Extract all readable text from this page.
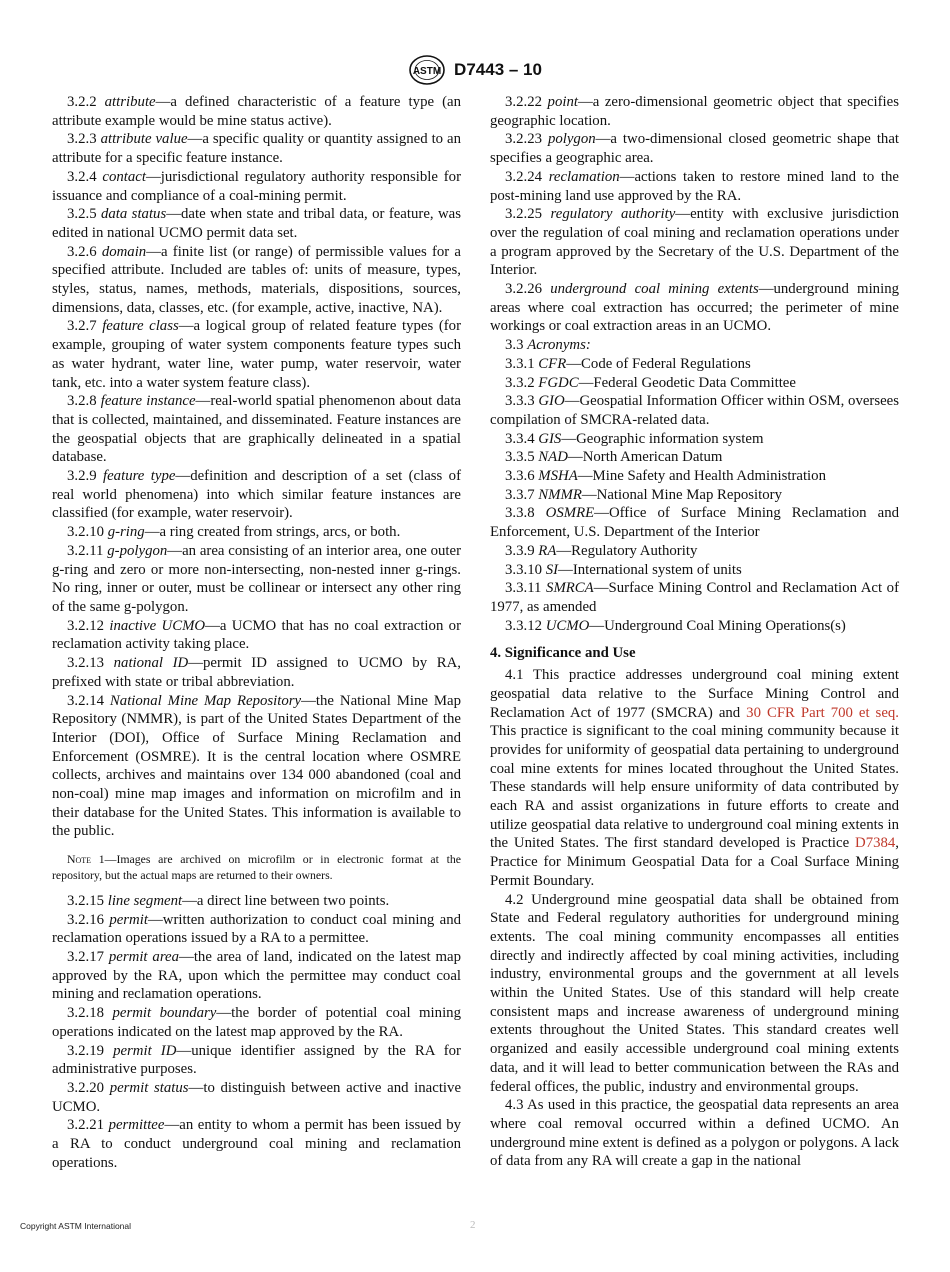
ASTM D7443 – 10

3.2.2 attribute—a defined characteristic of a feature type (an attribute example would be mine status active).

3.2.3 attribute value—a specific quality or quantity assigned to an attribute for a specific feature instance.

3.2.4 contact—jurisdictional regulatory authority responsible for issuance and compliance of a coal-mining permit.

3.2.5 data status—date when state and tribal data, or feature, was edited in national UCMO permit data set.

3.2.6 domain—a finite list (or range) of permissible values for a specified attribute. Included are tables of: units of measure, types, styles, status, names, methods, materials, dispositions, sources, dimensions, data, classes, etc. (for example, active, inactive, NA).

3.2.7 feature class—a logical group of related feature types (for example, grouping of water system components feature types such as water hydrant, water line, water pump, water reservoir, water tank, etc. into a water system feature class).

3.2.8 feature instance—real-world spatial phenomenon about data that is collected, maintained, and disseminated. Feature instances are the geospatial objects that are graphically delineated in a spatial database.

3.2.9 feature type—definition and description of a set (class of real world phenomena) into which similar feature instances are classified (for example, water reservoir).

3.2.10 g-ring—a ring created from strings, arcs, or both.

3.2.11 g-polygon—an area consisting of an interior area, one outer g-ring and zero or more non-intersecting, non-nested inner g-rings. No ring, inner or outer, must be collinear or intersect any other ring of the same g-polygon.

3.2.12 inactive UCMO—a UCMO that has no coal extraction or reclamation activity taking place.

3.2.13 national ID—permit ID assigned to UCMO by RA, prefixed with state or tribal abbreviation.

3.2.14 National Mine Map Repository—the National Mine Map Repository (NMMR), is part of the United States Department of the Interior (DOI), Office of Surface Mining Reclamation and Enforcement (OSMRE). It is the central location where OSMRE collects, archives and maintains over 134 000 abandoned (coal and non-coal) mine map images and information on microfilm and in their database for the United States. This information is available to the public.

Note 1—Images are archived on microfilm or in electronic format at the repository, but the actual maps are returned to their owners.

3.2.15 line segment—a direct line between two points.

3.2.16 permit—written authorization to conduct coal mining and reclamation operations issued by a RA to a permittee.

3.2.17 permit area—the area of land, indicated on the latest map approved by the RA, upon which the permittee may conduct coal mining and reclamation operations.

3.2.18 permit boundary—the border of potential coal mining operations indicated on the latest map approved by the RA.

3.2.19 permit ID—unique identifier assigned by the RA for administrative purposes.

3.2.20 permit status—to distinguish between active and inactive UCMO.

3.2.21 permittee—an entity to whom a permit has been issued by a RA to conduct underground coal mining and reclamation operations.

3.2.22 point—a zero-dimensional geometric object that specifies geographic location.

3.2.23 polygon—a two-dimensional closed geometric shape that specifies a geographic area.

3.2.24 reclamation—actions taken to restore mined land to the post-mining land use approved by the RA.

3.2.25 regulatory authority—entity with exclusive jurisdiction over the regulation of coal mining and reclamation operations under a program approved by the Secretary of the U.S. Department of the Interior.

3.2.26 underground coal mining extents—underground mining areas where coal extraction has occurred; the perimeter of mine workings or coal extraction areas in an UCMO.

3.3 Acronyms:

3.3.1 CFR—Code of Federal Regulations

3.3.2 FGDC—Federal Geodetic Data Committee

3.3.3 GIO—Geospatial Information Officer within OSM, oversees compilation of SMCRA-related data.

3.3.4 GIS—Geographic information system

3.3.5 NAD—North American Datum

3.3.6 MSHA—Mine Safety and Health Administration

3.3.7 NMMR—National Mine Map Repository

3.3.8 OSMRE—Office of Surface Mining Reclamation and Enforcement, U.S. Department of the Interior

3.3.9 RA—Regulatory Authority

3.3.10 SI—International system of units

3.3.11 SMRCA—Surface Mining Control and Reclamation Act of 1977, as amended

3.3.12 UCMO—Underground Coal Mining Operations(s)

4. Significance and Use

4.1 This practice addresses underground coal mining extent geospatial data relative to the Surface Mining Control and Reclamation Act of 1977 (SMCRA) and 30 CFR Part 700 et seq. This practice is significant to the coal mining community because it provides for uniformity of geospatial data pertaining to underground coal mine extents for mines located throughout the United States. These standards will help ensure uniformity of data contributed by each RA and assist organizations in future efforts to create and utilize geospatial data relative to underground coal mining extents in the United States. The first standard developed is Practice D7384, Practice for Minimum Geospatial Data for a Coal Surface Mining Permit Boundary.

4.2 Underground mine geospatial data shall be obtained from State and Federal regulatory authorities for underground mining extents. The coal mining community encompasses all entities directly and indirectly affected by coal mining activities, including industry, environmental groups and the government at all levels within the United States. Use of this standard will help create consistent maps and increase awareness of underground mining extents throughout the United States. This standard creates well organized and easily accessible underground coal mining extents data, and it will lead to better communication between the RAs and federal offices, the public, industry and environmental groups.

4.3 As used in this practice, the geospatial data represents an area where coal removal occurred within a defined UCMO. An underground mine extent is defined as a polygon or polygons. A lack of data from any RA will create a gap in the national

Copyright ASTM International	2
